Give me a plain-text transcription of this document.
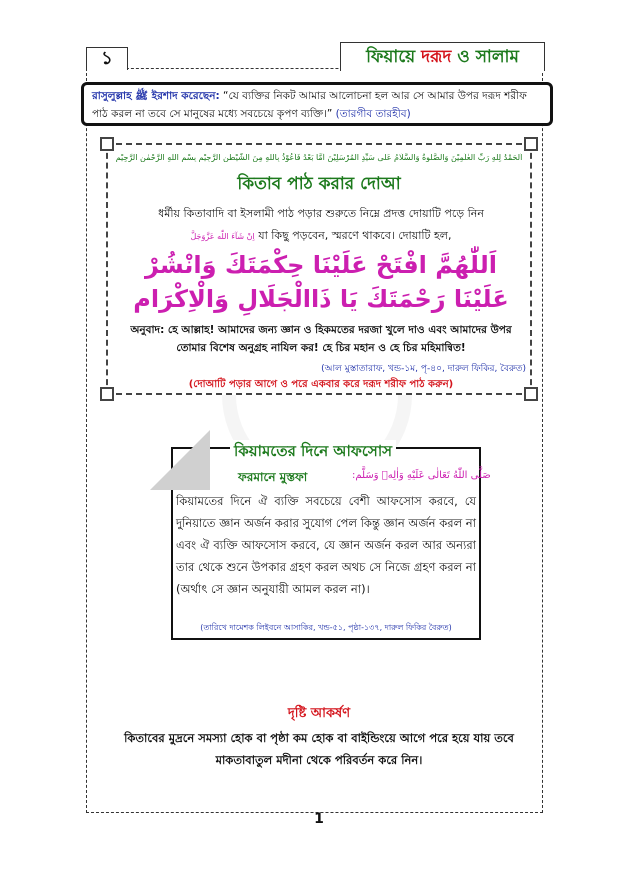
১	ফিয়ায়ে দরূদ ও সালাম
রাসুলুল্লাহ ﷺ ইরশাদ করেছেন: “যে ব্যক্তির নিকট আমার আলোচনা হল আর সে আমার উপর দরূদ শরীফ পাঠ করল না তবে সে মানুষের মধ্যে সবচেয়ে কৃপণ ব্যক্তি।” (তারগীব তারহীব)
اَلْحَمْدُ لِلّٰهِ رَبِّ الْعٰلَمِیْنَ وَالصَّلٰوةُ وَالسَّلَامُ عَلٰی سَیِّدِ الْمُرْسَلِیْنَ اَمَّا بَعْدُ فَاَعُوْذُ بِاللّٰهِ مِنَ الشَّیْطٰنِ الرَّجِیْمِ بِسْمِ اللّٰهِ الرَّحْمٰنِ الرَّحِیْمِ
কিতাব পাঠ করার দোআ
ধর্মীয় কিতাবাদি বা ইসলামী পাঠ পড়ার শুরুতে নিম্নে প্রদত্ত দোয়াটি পড়ে নিন
اِنْ شَآءَ اللّٰه عَزَّوَجَلَّ যা কিছু পড়বেন, স্মরণে থাকবে। দোয়াটি হল,
اَللّٰهُمَّ افْتَحْ عَلَيْنَا حِكْمَتَكَ وَانْشُرْ
عَلَيْنَا رَحْمَتَكَ يَا ذَاالْجَلَالِ وَالْاِكْرَام
অনুবাদ: হে আল্লাহ! আমাদের জন্য জ্ঞান ও হিকমতের দরজা খুলে দাও এবং আমাদের উপর তোমার বিশেষ অনুগ্রহ নাযিল কর! হে চির মহান ও হে চির মহিমান্বিত!
(আল মুস্তাতারাফ, খন্ড-১ম, পৃ-৪০, দারুল ফিকির, বৈরুত)
(দোআটি পড়ার আগে ও পরে একবার করে দরূদ শরীফ পাঠ করুন)
কিয়ামতের দিনে আফসোস
ফরমানে মুস্তফা	صَلَّى اللّٰهُ تَعَالٰى عَلَيْهِ وَاٰلِهٖ وَسَلَّم:
কিয়ামতের দিনে ঐ ব্যক্তি সবচেয়ে বেশী আফসোস করবে, যে দুনিয়াতে জ্ঞান অর্জন করার সুযোগ পেল কিন্তু জ্ঞান অর্জন করল না এবং ঐ ব্যক্তি আফসোস করবে, যে জ্ঞান অর্জন করল আর অন্যরা তার থেকে শুনে উপকার গ্রহণ করল অথচ সে নিজে গ্রহণ করল না (অর্থাৎ সে জ্ঞান অনুযায়ী আমল করল না)।
(তারিখে দামেশক লিইবনে আসাকির, খন্ড-৫১, পৃষ্ঠা-১৩৭, দারুল ফিকির বৈরুত)
দৃষ্টি আকর্ষণ
কিতাবের মুদ্রনে সমস্যা হোক বা পৃষ্ঠা কম হোক বা বাইন্ডিংয়ে আগে পরে হয়ে যায় তবে মাকতাবাতুল মদীনা থেকে পরিবর্তন করে নিন।
1
